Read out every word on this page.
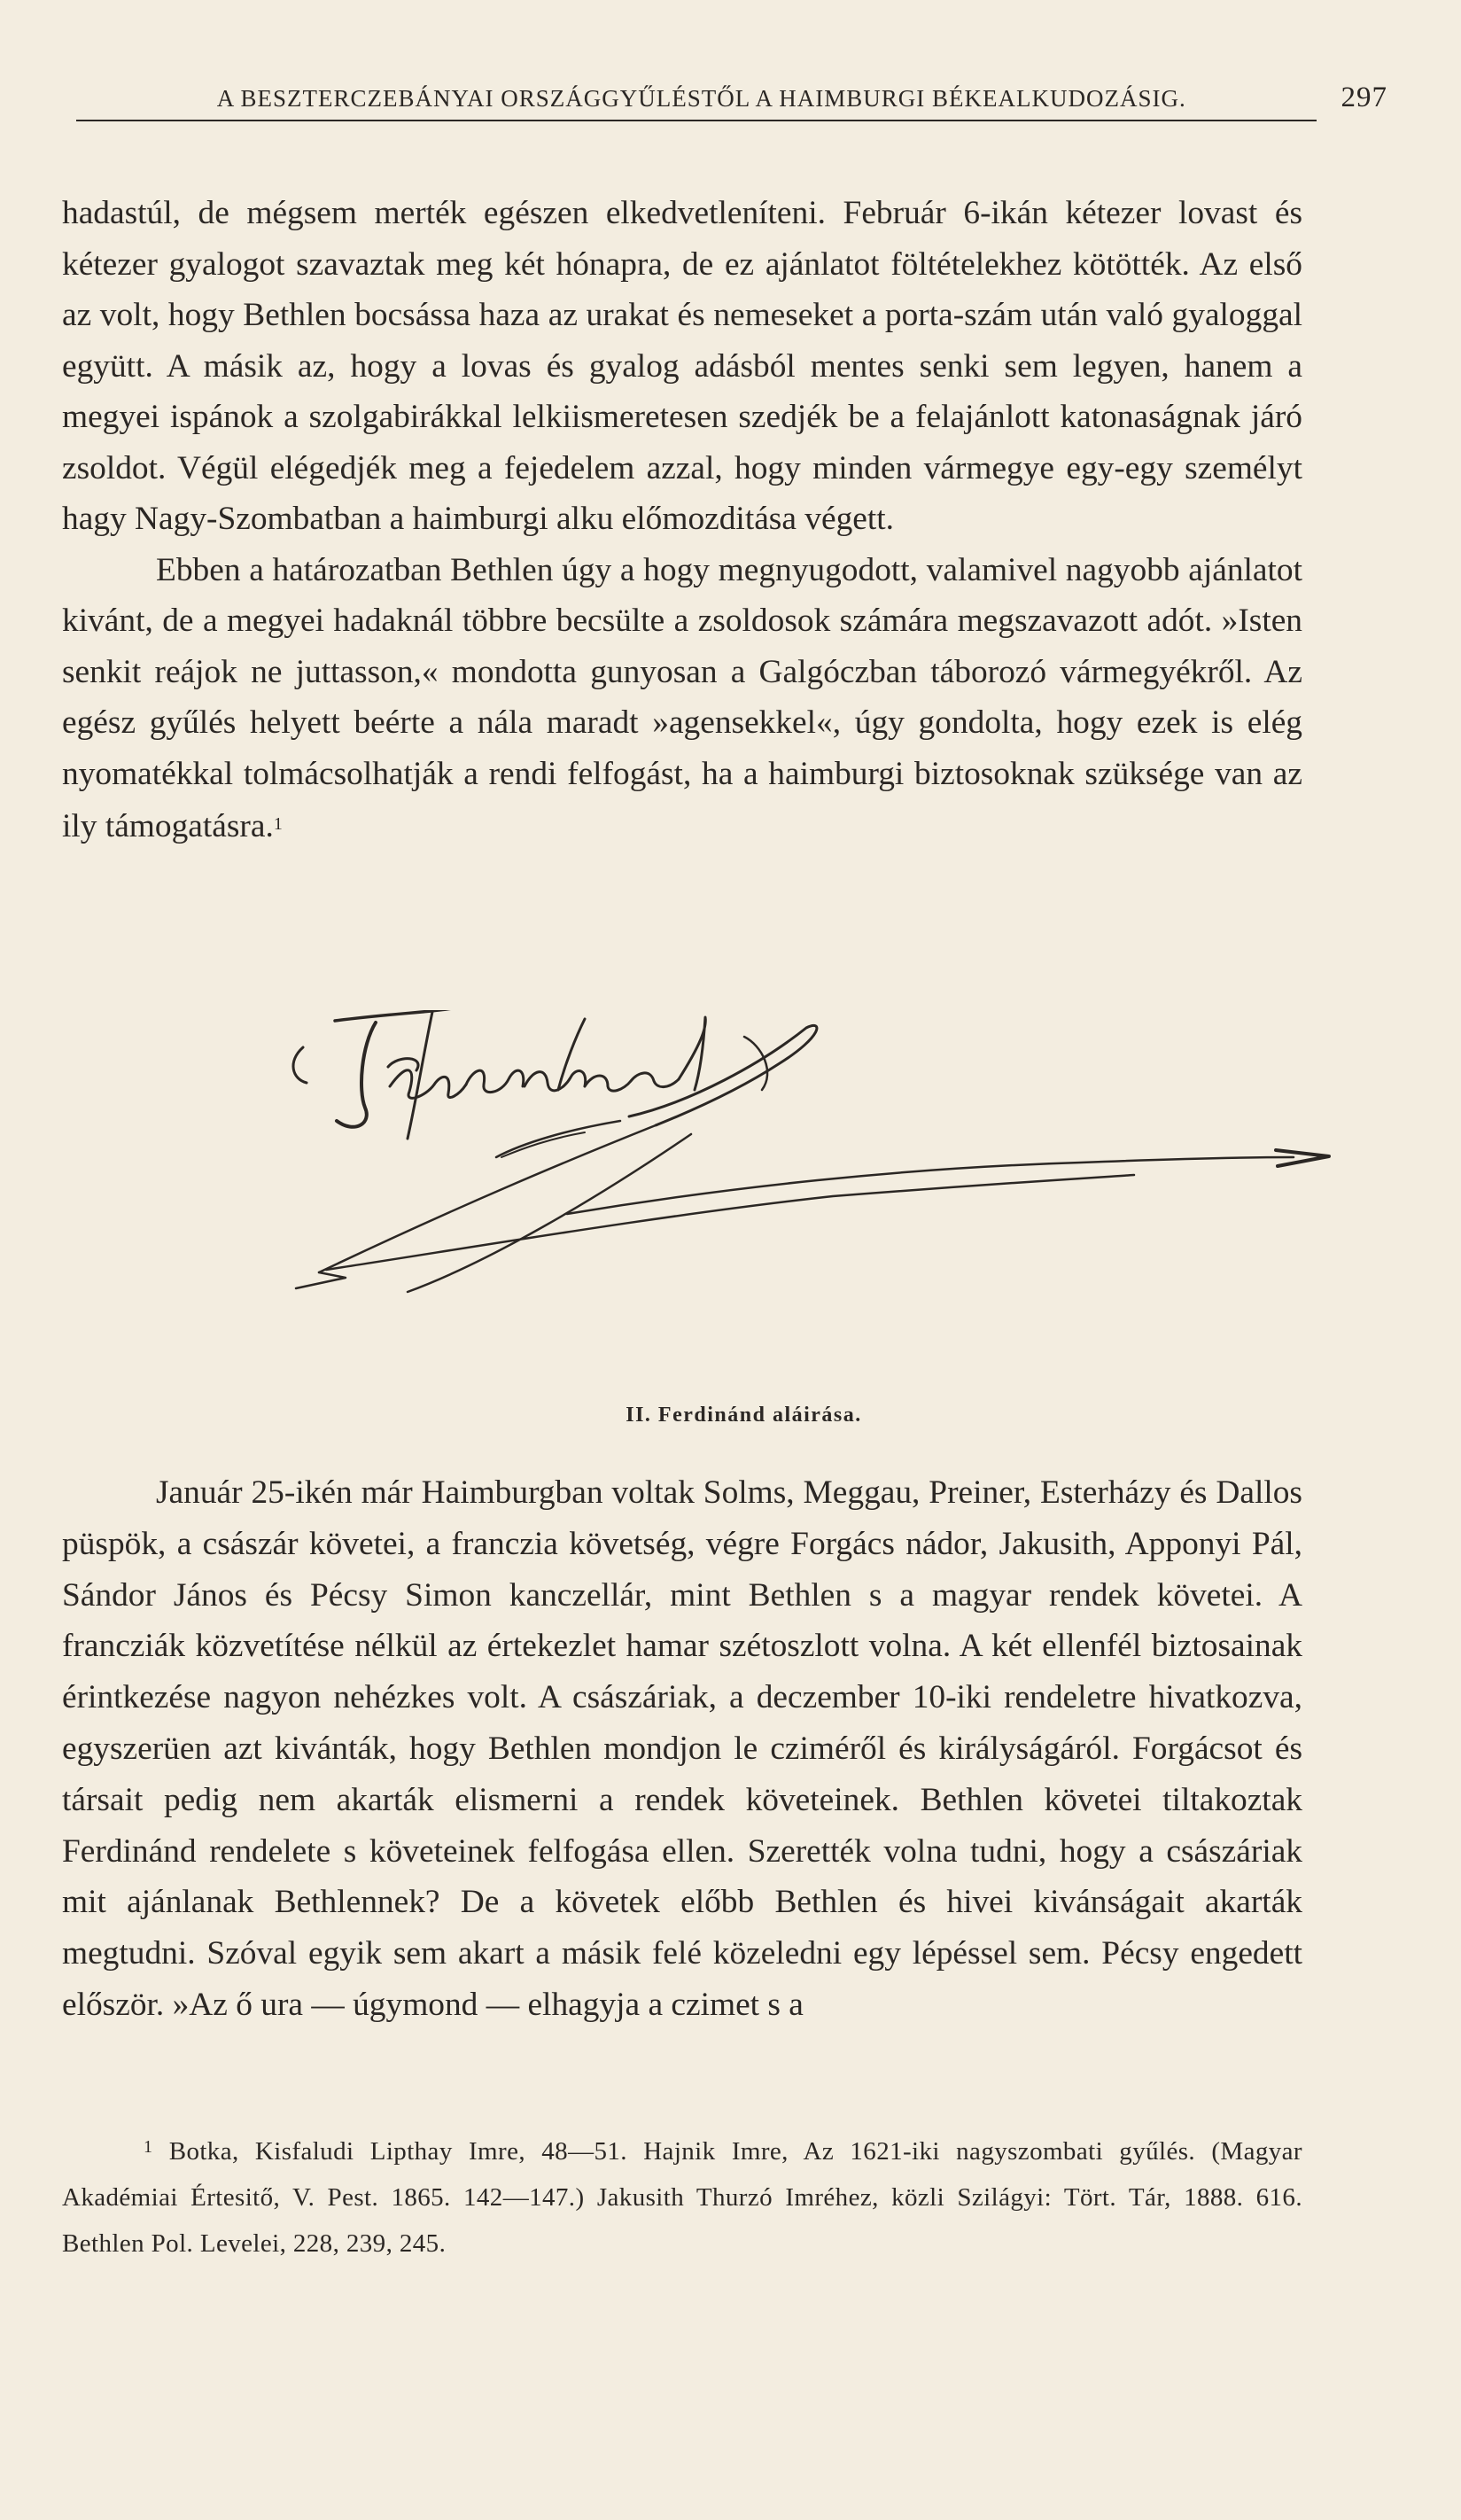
A BESZTERCZEBÁNYAI ORSZÁGGYŰLÉSTŐL A HAIMBURGI BÉKEALKUDOZÁSIG.	297

hadastúl, de mégsem merték egészen elkedvetleníteni. Február 6-ikán kétezer lovast és kétezer gyalogot szavaztak meg két hónapra, de ez ajánlatot föltételekhez kötötték. Az első az volt, hogy Bethlen bocsássa haza az urakat és nemeseket a porta-szám után való gyaloggal együtt. A másik az, hogy a lovas és gyalog adásból mentes senki sem legyen, hanem a megyei ispánok a szolgabirákkal lelkiismeretesen szedjék be a felajánlott katonaságnak járó zsoldot. Végül elégedjék meg a fejedelem azzal, hogy minden vármegye egy-egy személyt hagy Nagy-Szombatban a haimburgi alku előmozditása végett.

Ebben a határozatban Bethlen úgy a hogy megnyugodott, valamivel nagyobb ajánlatot kivánt, de a megyei hadaknál többre becsülte a zsoldosok számára megszavazott adót. »Isten senkit reájok ne juttasson,« mondotta gunyosan a Galgóczban táborozó vármegyékről. Az egész gyűlés helyett beérte a nála maradt »agensekkel«, úgy gondolta, hogy ezek is elég nyomatékkal tolmácsolhatják a rendi felfogást, ha a haimburgi biztosoknak szüksége van az ily támogatásra.$^1$

II. Ferdinánd aláirása.

Január 25-ikén már Haimburgban voltak Solms, Meggau, Preiner, Esterházy és Dallos püspök, a császár követei, a franczia követség, végre Forgács nádor, Jakusith, Apponyi Pál, Sándor János és Pécsy Simon kanczellár, mint Bethlen s a magyar rendek követei. A francziák közvetítése nélkül az értekezlet hamar szétoszlott volna. A két ellenfél biztosainak érintkezése nagyon nehézkes volt. A császáriak, a deczember 10-iki rendeletre hivatkozva, egyszerüen azt kivánták, hogy Bethlen mondjon le cziméről és királyságáról. Forgácsot és társait pedig nem akarták elismerni a rendek követeinek. Bethlen követei tiltakoztak Ferdinánd rendelete s követeinek felfogása ellen. Szerették volna tudni, hogy a császáriak mit ajánlanak Bethlennek? De a követek előbb Bethlen és hivei kivánságait akarták megtudni. Szóval egyik sem akart a másik felé közeledni egy lépéssel sem. Pécsy engedett először. »Az ő ura — úgymond — elhagyja a czimet s a

$^1$ Botka, Kisfaludi Lipthay Imre, 48—51. Hajnik Imre, Az 1621-iki nagyszombati gyűlés. (Magyar Akadémiai Értesitő, V. Pest. 1865. 142—147.) Jakusith Thurzó Imréhez, közli Szilágyi: Tört. Tár, 1888. 616. Bethlen Pol. Levelei, 228, 239, 245.
